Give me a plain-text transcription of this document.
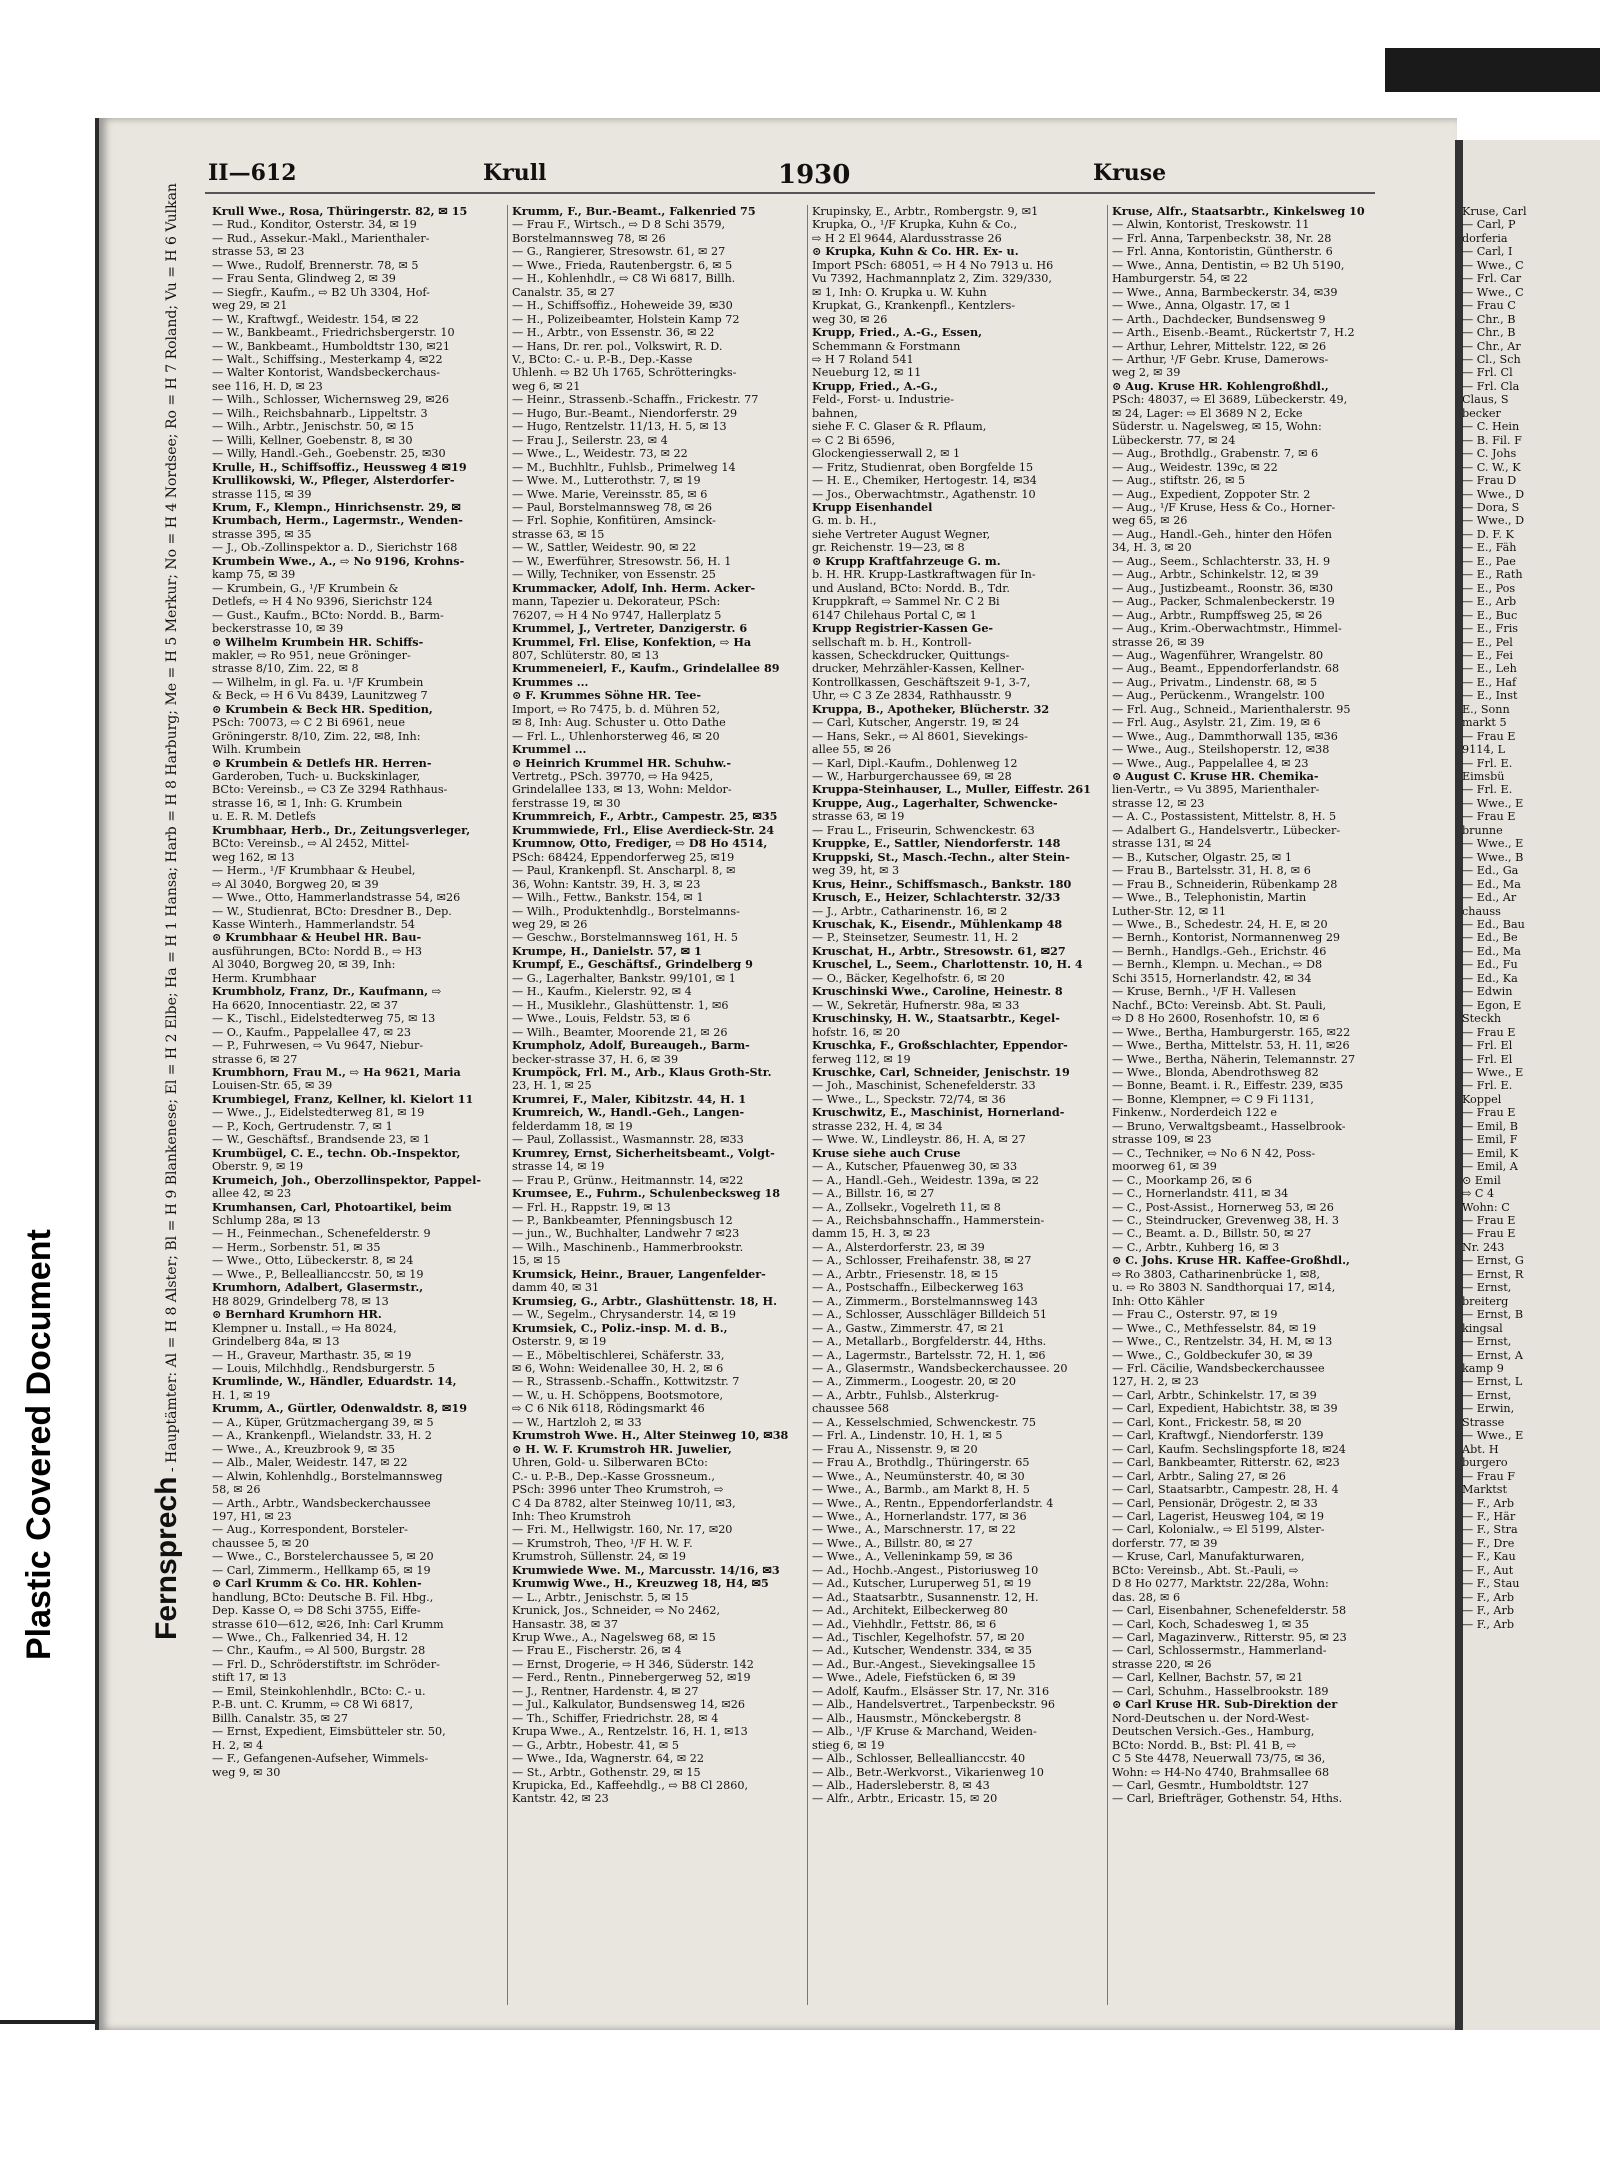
Plastic Covered Document
II—612	Krull	1930	Kruse
Fernsprech - Hauptämter: Al = H 8 Alster; Bl = H 9 Blankenese; El = H 2 Elbe; Ha = H 1 Hansa; Harb = H 8 Harburg; Me = H 5 Merkur; No = H 4 Nordsee; Ro = H 7 Roland; Vu = H 6 Vulkan	Krull Wwe., Rosa, Thüringerstr. 82, ✉ 15
— Rud., Konditor, Osterstr. 34, ✉ 19
— Rud., Assekur.-Makl., Marienthaler-
strasse 53, ✉ 23
— Wwe., Rudolf, Brennerstr. 78, ✉ 5
— Frau Senta, Glindweg 2, ✉ 39
— Siegfr., Kaufm., ⇨ B2 Uh 3304, Hof-
weg 29, ✉ 21
— W., Kraftwgf., Weidestr. 154, ✉ 22
— W., Bankbeamt., Friedrichsbergerstr. 10
— W., Bankbeamt., Humboldtstr 130, ✉21
— Walt., Schiffsing., Mesterkamp 4, ✉22
— Walter Kontorist, Wandsbeckerchaus-
see 116, H. D, ✉ 23
— Wilh., Schlosser, Wichernsweg 29, ✉26
— Wilh., Reichsbahnarb., Lippeltstr. 3
— Wilh., Arbtr., Jenischstr. 50, ✉ 15
— Willi, Kellner, Goebenstr. 8, ✉ 30
— Willy, Handl.-Geh., Goebenstr. 25, ✉30
Krulle, H., Schiffsoffiz., Heussweg 4 ✉19
Krullikowski, W., Pfleger, Alsterdorfer-
strasse 115, ✉ 39
Krum, F., Klempn., Hinrichsenstr. 29, ✉
Krumbach, Herm., Lagermstr., Wenden-
strasse 395, ✉ 35
— J., Ob.-Zollinspektor a. D., Sierichstr 168
Krumbein Wwe., A., ⇨ No 9196, Krohns-
kamp 75, ✉ 39
— Krumbein, G., ¹/F Krumbein &
Detlefs, ⇨ H 4 No 9396, Sierichstr 124
— Gust., Kaufm., BCto: Nordd. B., Barm-
beckerstrasse 10, ✉ 39
⊙ Wilhelm Krumbein HR. Schiffs-
makler, ⇨ Ro 951, neue Gröninger-
strasse 8/10, Zim. 22, ✉ 8
— Wilhelm, in gl. Fa. u. ¹/F Krumbein
& Beck, ⇨ H 6 Vu 8439, Launitzweg 7
⊙ Krumbein & Beck HR. Spedition,
PSch: 70073, ⇨ C 2 Bi 6961, neue
Gröningerstr. 8/10, Zim. 22, ✉8, Inh:
Wilh. Krumbein
⊙ Krumbein & Detlefs HR. Herren-
Garderoben, Tuch- u. Buckskinlager,
BCto: Vereinsb., ⇨ C3 Ze 3294 Rathhaus-
strasse 16, ✉ 1, Inh: G. Krumbein
u. E. R. M. Detlefs
Krumbhaar, Herb., Dr., Zeitungsverleger,
BCto: Vereinsb., ⇨ Al 2452, Mittel-
weg 162, ✉ 13
— Herm., ¹/F Krumbhaar & Heubel,
⇨ Al 3040, Borgweg 20, ✉ 39
— Wwe., Otto, Hammerlandstrasse 54, ✉26
— W., Studienrat, BCto: Dresdner B., Dep.
Kasse Winterh., Hammerlandstr. 54
⊙ Krumbhaar & Heubel HR. Bau-
ausführungen, BCto: Nordd B., ⇨ H3
Al 3040, Borgweg 20, ✉ 39, Inh:
Herm. Krumbhaar
Krumbholz, Franz, Dr., Kaufmann, ⇨
Ha 6620, Innocentiastr. 22, ✉ 37
— K., Tischl., Eidelstedterweg 75, ✉ 13
— O., Kaufm., Pappelallee 47, ✉ 23
— P., Fuhrwesen, ⇨ Vu 9647, Niebur-
strasse 6, ✉ 27
Krumbhorn, Frau M., ⇨ Ha 9621, Maria
Louisen-Str. 65, ✉ 39
Krumbiegel, Franz, Kellner, kl. Kielort 11
— Wwe., J., Eidelstedterweg 81, ✉ 19
— P., Koch, Gertrudenstr. 7, ✉ 1
— W., Geschäftsf., Brandsende 23, ✉ 1
Krumbügel, C. E., techn. Ob.-Inspektor,
Oberstr. 9, ✉ 19
Krumeich, Joh., Oberzollinspektor, Pappel-
allee 42, ✉ 23
Krumhansen, Carl, Photoartikel, beim
Schlump 28a, ✉ 13
— H., Feinmechan., Schenefelderstr. 9
— Herm., Sorbenstr. 51, ✉ 35
— Wwe., Otto, Lübeckerstr. 8, ✉ 24
— Wwe., P., Belleallianccstr. 50, ✉ 19
Krumhorn, Adalbert, Glasermstr.,
H8 8029, Grindelberg 78, ✉ 13
⊙ Bernhard Krumhorn HR.
Klempner u. Install., ⇨ Ha 8024,
Grindelberg 84a, ✉ 13
— H., Graveur, Marthastr. 35, ✉ 19
— Louis, Milchhdlg., Rendsburgerstr. 5
Krumlinde, W., Händler, Eduardstr. 14,
H. 1, ✉ 19
Krumm, A., Gürtler, Odenwaldstr. 8, ✉19
— A., Küper, Grützmachergang 39, ✉ 5
— A., Krankenpfl., Wielandstr. 33, H. 2
— Wwe., A., Kreuzbrook 9, ✉ 35
— Alb., Maler, Weidestr. 147, ✉ 22
— Alwin, Kohlenhdlg., Borstelmannsweg
58, ✉ 26
— Arth., Arbtr., Wandsbeckerchaussee
197, H1, ✉ 23
— Aug., Korrespondent, Borsteler-
chaussee 5, ✉ 20
— Wwe., C., Borstelerchaussee 5, ✉ 20
— Carl, Zimmerm., Hellkamp 65, ✉ 19
⊙ Carl Krumm & Co. HR. Kohlen-
handlung, BCto: Deutsche B. Fil. Hbg.,
Dep. Kasse O, ⇨ D8 Schi 3755, Eiffe-
strasse 610—612, ✉26, Inh: Carl Krumm
— Wwe., Ch., Falkenried 34, H. 12
— Chr., Kaufm., ⇨ Al 500, Burgstr. 28
— Frl. D., Schröderstiftstr. im Schröder-
stift 17, ✉ 13
— Emil, Steinkohlenhdlr., BCto: C.- u.
P.-B. unt. C. Krumm, ⇨ C8 Wi 6817,
Billh. Canalstr. 35, ✉ 27
— Ernst, Expedient, Eimsbütteler str. 50,
H. 2, ✉ 4
— F., Gefangenen-Aufseher, Wimmels-
weg 9, ✉ 30
Krumm, F., Bur.-Beamt., Falkenried 75
— Frau F., Wirtsch., ⇨ D 8 Schi 3579,
Borstelmannsweg 78, ✉ 26
— G., Rangierer, Stresowstr. 61, ✉ 27
— Wwe., Frieda, Rautenbergstr. 6, ✉ 5
— H., Kohlenhdlr., ⇨ C8 Wi 6817, Billh.
Canalstr. 35, ✉ 27
— H., Schiffsoffiz., Hoheweide 39, ✉30
— H., Polizeibeamter, Holstein Kamp 72
— H., Arbtr., von Essenstr. 36, ✉ 22
— Hans, Dr. rer. pol., Volkswirt, R. D.
V., BCto: C.- u. P.-B., Dep.-Kasse
Uhlenh. ⇨ B2 Uh 1765, Schrötteringks-
weg 6, ✉ 21
— Heinr., Strassenb.-Schaffn., Frickestr. 77
— Hugo, Bur.-Beamt., Niendorferstr. 29
— Hugo, Rentzelstr. 11/13, H. 5, ✉ 13
— Frau J., Seilerstr. 23, ✉ 4
— Wwe., L., Weidestr. 73, ✉ 22
— M., Buchhltr., Fuhlsb., Primelweg 14
— Wwe. M., Lutterothstr. 7, ✉ 19
— Wwe. Marie, Vereinsstr. 85, ✉ 6
— Paul, Borstelmannsweg 78, ✉ 26
— Frl. Sophie, Konfitüren, Amsinck-
strasse 63, ✉ 15
— W., Sattler, Weidestr. 90, ✉ 22
— W., Ewerführer, Stresowstr. 56, H. 1
— Willy, Techniker, von Essenstr. 25
Krummacker, Adolf, Inh. Herm. Acker-
mann, Tapezier u. Dekorateur, PSch:
76207, ⇨ H 4 No 9747, Hallerplatz 5
Krummel, J., Vertreter, Danzigerstr. 6
Krummel, Frl. Elise, Konfektion, ⇨ Ha
807, Schlüterstr. 80, ✉ 13
Krummeneierl, F., Kaufm., Grindelallee 89
Krummes ...
⊙ F. Krummes Söhne HR. Tee-
Import, ⇨ Ro 7475, b. d. Mühren 52,
✉ 8, Inh: Aug. Schuster u. Otto Dathe
— Frl. L., Uhlenhorsterweg 46, ✉ 20
Krummel ...
⊙ Heinrich Krummel HR. Schuhw.-
Vertretg., PSch. 39770, ⇨ Ha 9425,
Grindelallee 133, ✉ 13, Wohn: Meldor-
ferstrasse 19, ✉ 30
Krummreich, F., Arbtr., Campestr. 25, ✉35
Krummwiede, Frl., Elise Averdieck-Str. 24
Krumnow, Otto, Frediger, ⇨ D8 Ho 4514,
PSch: 68424, Eppendorferweg 25, ✉19
— Paul, Krankenpfl. St. Anscharpl. 8, ✉
36, Wohn: Kantstr. 39, H. 3, ✉ 23
— Wilh., Fettw., Bankstr. 154, ✉ 1
— Wilh., Produktenhdlg., Borstelmanns-
weg 29, ✉ 26
— Geschw., Borstelmannsweg 161, H. 5
Krumpe, H., Danielstr. 57, ✉ 1
Krumpf, E., Geschäftsf., Grindelberg 9
— G., Lagerhalter, Bankstr. 99/101, ✉ 1
— H., Kaufm., Kielerstr. 92, ✉ 4
— H., Musiklehr., Glashüttenstr. 1, ✉6
— Wwe., Louis, Feldstr. 53, ✉ 6
— Wilh., Beamter, Moorende 21, ✉ 26
Krumpholz, Adolf, Bureaugeh., Barm-
becker-strasse 37, H. 6, ✉ 39
Krumpöck, Frl. M., Arb., Klaus Groth-Str.
23, H. 1, ✉ 25
Krumrei, F., Maler, Kibitzstr. 44, H. 1
Krumreich, W., Handl.-Geh., Langen-
felderdamm 18, ✉ 19
— Paul, Zollassist., Wasmannstr. 28, ✉33
Krumrey, Ernst, Sicherheitsbeamt., Volgt-
strasse 14, ✉ 19
— Frau P., Grünw., Heitmannstr. 14, ✉22
Krumsee, E., Fuhrm., Schulenbecksweg 18
— Frl. H., Rappstr. 19, ✉ 13
— P., Bankbeamter, Pfenningsbusch 12
— jun., W., Buchhalter, Landwehr 7 ✉23
— Wilh., Maschinenb., Hammerbrookstr.
15, ✉ 15
Krumsick, Heinr., Brauer, Langenfelder-
damm 40, ✉ 31
Krumsieg, G., Arbtr., Glashüttenstr. 18, H.
— W., Segelm., Chrysanderstr. 14, ✉ 19
Krumsiek, C., Poliz.-insp. M. d. B.,
Osterstr. 9, ✉ 19
— E., Möbeltischlerei, Schäferstr. 33,
✉ 6, Wohn: Weidenallee 30, H. 2, ✉ 6
— R., Strassenb.-Schaffn., Kottwitzstr. 7
— W., u. H. Schöppens, Bootsmotore,
⇨ C 6 Nik 6118, Rödingsmarkt 46
— W., Hartzloh 2, ✉ 33
Krumstroh Wwe. H., Alter Steinweg 10, ✉38
⊙ H. W. F. Krumstroh HR. Juwelier,
Uhren, Gold- u. Silberwaren BCto:
C.- u. P.-B., Dep.-Kasse Grossneum.,
PSch: 3996 unter Theo Krumstroh, ⇨
C 4 Da 8782, alter Steinweg 10/11, ✉3,
Inh: Theo Krumstroh
— Fri. M., Hellwigstr. 160, Nr. 17, ✉20
— Krumstroh, Theo, ¹/F H. W. F.
Krumstroh, Süllenstr. 24, ✉ 19
Krumwiede Wwe. M., Marcusstr. 14/16, ✉3
Krumwig Wwe., H., Kreuzweg 18, H4, ✉5
— L., Arbtr., Jenischstr. 5, ✉ 15
Krunick, Jos., Schneider, ⇨ No 2462,
Hansastr. 38, ✉ 37
Krup Wwe., A., Nagelsweg 68, ✉ 15
— Frau E., Fischerstr. 26, ✉ 4
— Ernst, Drogerie, ⇨ H 346, Süderstr. 142
— Ferd., Rentn., Pinnebergerweg 52, ✉19
— J., Rentner, Hardenstr. 4, ✉ 27
— Jul., Kalkulator, Bundsensweg 14, ✉26
— Th., Schiffer, Friedrichstr. 28, ✉ 4
Krupa Wwe., A., Rentzelstr. 16, H. 1, ✉13
— G., Arbtr., Hobestr. 41, ✉ 5
— Wwe., Ida, Wagnerstr. 64, ✉ 22
— St., Arbtr., Gothenstr. 29, ✉ 15
Krupicka, Ed., Kaffeehdlg., ⇨ B8 Cl 2860,
Kantstr. 42, ✉ 23
Krupinsky, E., Arbtr., Rombergstr. 9, ✉1
Krupka, O., ¹/F Krupka, Kuhn & Co.,
⇨ H 2 El 9644, Alardusstrasse 26
⊙ Krupka, Kuhn & Co. HR. Ex- u.
Import PSch: 68051, ⇨ H 4 No 7913 u. H6
Vu 7392, Hachmannplatz 2, Zim. 329/330,
✉ 1, Inh: O. Krupka u. W. Kuhn
Krupkat, G., Krankenpfl., Kentzlers-
weg 30, ✉ 26
Krupp, Fried., A.-G., Essen,
Schemmann & Forstmann
⇨ H 7 Roland 541
Neueburg 12, ✉ 11
Krupp, Fried., A.-G.,
Feld-, Forst- u. Industrie-
bahnen,
siehe F. C. Glaser & R. Pflaum,
⇨ C 2 Bi 6596,
Glockengiesserwall 2, ✉ 1
— Fritz, Studienrat, oben Borgfelde 15
— H. E., Chemiker, Hertogestr. 14, ✉34
— Jos., Oberwachtmstr., Agathenstr. 10
Krupp Eisenhandel
G. m. b. H.,
siehe Vertreter August Wegner,
gr. Reichenstr. 19—23, ✉ 8
⊙ Krupp Kraftfahrzeuge G. m.
b. H. HR. Krupp-Lastkraftwagen für In-
und Ausland, BCto: Nordd. B., Tdr.
Kruppkraft, ⇨ Sammel Nr. C 2 Bi
6147 Chilehaus Portal C, ✉ 1
Krupp Registrier-Kassen Ge-
sellschaft m. b. H., Kontroll-
kassen, Scheckdrucker, Quittungs-
drucker, Mehrzähler-Kassen, Kellner-
Kontrollkassen, Geschäftszeit 9-1, 3-7,
Uhr, ⇨ C 3 Ze 2834, Rathhausstr. 9
Kruppa, B., Apotheker, Blücherstr. 32
— Carl, Kutscher, Angerstr. 19, ✉ 24
— Hans, Sekr., ⇨ Al 8601, Sievekings-
allee 55, ✉ 26
— Karl, Dipl.-Kaufm., Dohlenweg 12
— W., Harburgerchaussee 69, ✉ 28
Kruppa-Steinhauser, L., Muller, Eiffestr. 261
Kruppe, Aug., Lagerhalter, Schwencke-
strasse 63, ✉ 19
— Frau L., Friseurin, Schwenckestr. 63
Kruppke, E., Sattler, Niendorferstr. 148
Kruppski, St., Masch.-Techn., alter Stein-
weg 39, ht, ✉ 3
Krus, Heinr., Schiffsmasch., Bankstr. 180
Krusch, E., Heizer, Schlachterstr. 32/33
— J., Arbtr., Catharinenstr. 16, ✉ 2
Kruschak, K., Eisendr., Mühlenkamp 48
— P., Steinsetzer, Seumestr. 11, H. 2
Kruschat, H., Arbtr., Stresowstr. 61, ✉27
Kruschel, L., Seem., Charlottenstr. 10, H. 4
— O., Bäcker, Kegelhofstr. 6, ✉ 20
Kruschinski Wwe., Caroline, Heinestr. 8
— W., Sekretär, Hufnerstr. 98a, ✉ 33
Kruschinsky, H. W., Staatsarbtr., Kegel-
hofstr. 16, ✉ 20
Kruschka, F., Großschlachter, Eppendor-
ferweg 112, ✉ 19
Kruschke, Carl, Schneider, Jenischstr. 19
— Joh., Maschinist, Schenefelderstr. 33
— Wwe., L., Speckstr. 72/74, ✉ 36
Kruschwitz, E., Maschinist, Hornerland-
strasse 232, H. 4, ✉ 34
— Wwe. W., Lindleystr. 86, H. A, ✉ 27
Kruse siehe auch Cruse
— A., Kutscher, Pfauenweg 30, ✉ 33
— A., Handl.-Geh., Weidestr. 139a, ✉ 22
— A., Billstr. 16, ✉ 27
— A., Zollsekr., Vogelreth 11, ✉ 8
— A., Reichsbahnschaffn., Hammerstein-
damm 15, H. 3, ✉ 23
— A., Alsterdorferstr. 23, ✉ 39
— A., Schlosser, Freihafenstr. 38, ✉ 27
— A., Arbtr., Friesenstr. 18, ✉ 15
— A., Postschaffn., Eilbeckerweg 163
— A., Zimmerm., Borstelmannsweg 143
— A., Schlosser, Ausschläger Billdeich 51
— A., Gastw., Zimmerstr. 47, ✉ 21
— A., Metallarb., Borgfelderstr. 44, Hths.
— A., Lagermstr., Bartelsstr. 72, H. 1, ✉6
— A., Glasermstr., Wandsbeckerchaussee. 20
— A., Zimmerm., Loogestr. 20, ✉ 20
— A., Arbtr., Fuhlsb., Alsterkrug-
chaussee 568
— A., Kesselschmied, Schwenckestr. 75
— Frl. A., Lindenstr. 10, H. 1, ✉ 5
— Frau A., Nissenstr. 9, ✉ 20
— Frau A., Brothdlg., Thüringerstr. 65
— Wwe., A., Neumünsterstr. 40, ✉ 30
— Wwe., A., Barmb., am Markt 8, H. 5
— Wwe., A., Rentn., Eppendorferlandstr. 4
— Wwe., A., Hornerlandstr. 177, ✉ 36
— Wwe., A., Marschnerstr. 17, ✉ 22
— Wwe., A., Billstr. 80, ✉ 27
— Wwe., A., Velleninkamp 59, ✉ 36
— Ad., Hochb.-Angest., Pistoriusweg 10
— Ad., Kutscher, Luruperweg 51, ✉ 19
— Ad., Staatsarbtr., Susannenstr. 12, H.
— Ad., Architekt, Eilbeckerweg 80
— Ad., Viehhdlr., Fettstr. 86, ✉ 6
— Ad., Tischler, Kegelhofstr. 57, ✉ 20
— Ad., Kutscher, Wendenstr. 334, ✉ 35
— Ad., Bur.-Angest., Sievekingsallee 15
— Wwe., Adele, Fiefstücken 6, ✉ 39
— Adolf, Kaufm., Elsässer Str. 17, Nr. 316
— Alb., Handelsvertret., Tarpenbeckstr. 96
— Alb., Hausmstr., Mönckebergstr. 8
— Alb., ¹/F Kruse & Marchand, Weiden-
stieg 6, ✉ 19
— Alb., Schlosser, Belleallianccstr. 40
— Alb., Betr.-Werkvorst., Vikarienweg 10
— Alb., Hadersleberstr. 8, ✉ 43
— Alfr., Arbtr., Ericastr. 15, ✉ 20
Kruse, Alfr., Staatsarbtr., Kinkelsweg 10
— Alwin, Kontorist, Treskowstr. 11
— Frl. Anna, Tarpenbeckstr. 38, Nr. 28
— Frl. Anna, Kontoristin, Güntherstr. 6
— Wwe., Anna, Dentistin, ⇨ B2 Uh 5190,
Hamburgerstr. 54, ✉ 22
— Wwe., Anna, Barmbeckerstr. 34, ✉39
— Wwe., Anna, Olgastr. 17, ✉ 1
— Arth., Dachdecker, Bundsensweg 9
— Arth., Eisenb.-Beamt., Rückertstr 7, H.2
— Arthur, Lehrer, Mittelstr. 122, ✉ 26
— Arthur, ¹/F Gebr. Kruse, Damerows-
weg 2, ✉ 39
⊙ Aug. Kruse HR. Kohlengroßhdl.,
PSch: 48037, ⇨ El 3689, Lübeckerstr. 49,
✉ 24, Lager: ⇨ El 3689 N 2, Ecke
Süderstr. u. Nagelsweg, ✉ 15, Wohn:
Lübeckerstr. 77, ✉ 24
— Aug., Brothdlg., Grabenstr. 7, ✉ 6
— Aug., Weidestr. 139c, ✉ 22
— Aug., stiftstr. 26, ✉ 5
— Aug., Expedient, Zoppoter Str. 2
— Aug., ¹/F Kruse, Hess & Co., Horner-
weg 65, ✉ 26
— Aug., Handl.-Geh., hinter den Höfen
34, H. 3, ✉ 20
— Aug., Seem., Schlachterstr. 33, H. 9
— Aug., Arbtr., Schinkelstr. 12, ✉ 39
— Aug., Justizbeamt., Roonstr. 36, ✉30
— Aug., Packer, Schmalenbeckerstr. 19
— Aug., Arbtr., Rumpffsweg 25, ✉ 26
— Aug., Krim.-Oberwachtmstr., Himmel-
strasse 26, ✉ 39
— Aug., Wagenführer, Wrangelstr. 80
— Aug., Beamt., Eppendorferlandstr. 68
— Aug., Privatm., Lindenstr. 68, ✉ 5
— Aug., Perückenm., Wrangelstr. 100
— Frl. Aug., Schneid., Marienthalerstr. 95
— Frl. Aug., Asylstr. 21, Zim. 19, ✉ 6
— Wwe., Aug., Dammthorwall 135, ✉36
— Wwe., Aug., Steilshoperstr. 12, ✉38
— Wwe., Aug., Pappelallee 4, ✉ 23
⊙ August C. Kruse HR. Chemika-
lien-Vertr., ⇨ Vu 3895, Marienthaler-
strasse 12, ✉ 23
— A. C., Postassistent, Mittelstr. 8, H. 5
— Adalbert G., Handelsvertr., Lübecker-
strasse 131, ✉ 24
— B., Kutscher, Olgastr. 25, ✉ 1
— Frau B., Bartelsstr. 31, H. 8, ✉ 6
— Frau B., Schneiderin, Rübenkamp 28
— Wwe., B., Telephonistin, Martin
Luther-Str. 12, ✉ 11
— Wwe., B., Schedestr. 24, H. E, ✉ 20
— Bernh., Kontorist, Normannenweg 29
— Bernh., Handlgs.-Geh., Erichstr. 46
— Bernh., Klempn. u. Mechan., ⇨ D8
Schi 3515, Hornerlandstr. 42, ✉ 34
— Kruse, Bernh., ¹/F H. Vallesen
Nachf., BCto: Vereinsb. Abt. St. Pauli,
⇨ D 8 Ho 2600, Rosenhofstr. 10, ✉ 6
— Wwe., Bertha, Hamburgerstr. 165, ✉22
— Wwe., Bertha, Mittelstr. 53, H. 11, ✉26
— Wwe., Bertha, Näherin, Telemannstr. 27
— Wwe., Blonda, Abendrothsweg 82
— Bonne, Beamt. i. R., Eiffestr. 239, ✉35
— Bonne, Klempner, ⇨ C 9 Fi 1131,
Finkenw., Norderdeich 122 e
— Bruno, Verwaltgsbeamt., Hasselbrook-
strasse 109, ✉ 23
— C., Techniker, ⇨ No 6 N 42, Poss-
moorweg 61, ✉ 39
— C., Moorkamp 26, ✉ 6
— C., Hornerlandstr. 411, ✉ 34
— C., Post-Assist., Hornerweg 53, ✉ 26
— C., Steindrucker, Grevenweg 38, H. 3
— C., Beamt. a. D., Billstr. 50, ✉ 27
— C., Arbtr., Kuhberg 16, ✉ 3
⊙ C. Johs. Kruse HR. Kaffee-Großhdl.,
⇨ Ro 3803, Catharinenbrücke 1, ✉8,
u. ⇨ Ro 3803 N. Sandthorquai 17, ✉14,
Inh: Otto Kähler
— Frau C., Osterstr. 97, ✉ 19
— Wwe., C., Methfesselstr. 84, ✉ 19
— Wwe., C., Rentzelstr. 34, H. M, ✉ 13
— Wwe., C., Goldbeckufer 30, ✉ 39
— Frl. Cäcilie, Wandsbeckerchaussee
127, H. 2, ✉ 23
— Carl, Arbtr., Schinkelstr. 17, ✉ 39
— Carl, Expedient, Habichtstr. 38, ✉ 39
— Carl, Kont., Frickestr. 58, ✉ 20
— Carl, Kraftwgf., Niendorferstr. 139
— Carl, Kaufm. Sechslingspforte 18, ✉24
— Carl, Bankbeamter, Ritterstr. 62, ✉23
— Carl, Arbtr., Saling 27, ✉ 26
— Carl, Staatsarbtr., Campestr. 28, H. 4
— Carl, Pensionär, Drögestr. 2, ✉ 33
— Carl, Lagerist, Heusweg 104, ✉ 19
— Carl, Kolonialw., ⇨ El 5199, Alster-
dorferstr. 77, ✉ 39
— Kruse, Carl, Manufakturwaren,
BCto: Vereinsb., Abt. St.-Pauli, ⇨
D 8 Ho 0277, Marktstr. 22/28a, Wohn:
das. 28, ✉ 6
— Carl, Eisenbahner, Schenefelderstr. 58
— Carl, Koch, Schadesweg 1, ✉ 35
— Carl, Magazinverw., Ritterstr. 95, ✉ 23
— Carl, Schlossermstr., Hammerland-
strasse 220, ✉ 26
— Carl, Kellner, Bachstr. 57, ✉ 21
— Carl, Schuhm., Hasselbrookstr. 189
⊙ Carl Kruse HR. Sub-Direktion der
Nord-Deutschen u. der Nord-West-
Deutschen Versich.-Ges., Hamburg,
BCto: Nordd. B., Bst: Pl. 41 B, ⇨
C 5 Ste 4478, Neuerwall 73/75, ✉ 36,
Wohn: ⇨ H4-No 4740, Brahmsallee 68
— Carl, Gesmtr., Humboldtstr. 127
— Carl, Briefträger, Gothenstr. 54, Hths.
Kruse, Carl
— Carl, P
dorferia
— Carl, I
— Wwe., C
— Frl. Car
— Wwe., C
— Frau C
— Chr., B
— Chr., B
— Chr., Ar
— Cl., Sch
— Frl. Cl
— Frl. Cla
Claus, S
becker
— C. Hein
— B. Fil. F
— C. Johs
— C. W., K
— Frau D
— Wwe., D
— Dora, S
— Wwe., D
— D. F. K
— E., Fäh
— E., Pae
— E., Rath
— E., Pos
— E., Arb
— E., Buc
— E., Fris
— E., Pel
— E., Fei
— E., Leh
— E., Haf
— E., Inst
E., Sonn
markt 5
— Frau E
9114, L
— Frl. E.
Eimsbü
— Frl. E.
— Wwe., E
— Frau E
brunne
— Wwe., E
— Wwe., B
— Ed., Ga
— Ed., Ma
— Ed., Ar
chauss
— Ed., Bau
— Ed., Be
— Ed., Ma
— Ed., Fu
— Ed., Ka
— Edwin
— Egon, E
Steckh
— Frau E
— Frl. El
— Frl. El
— Wwe., E
— Frl. E.
Koppel
— Frau E
— Emil, B
— Emil, F
— Emil, K
— Emil, A
⊙ Emil
⇨ C 4
Wohn: C
— Frau E
— Frau E
Nr. 243
— Ernst, G
— Ernst, R
— Ernst,
breiterg
— Ernst, B
kingsal
— Ernst,
— Ernst, A
kamp 9
— Ernst, L
— Ernst,
— Erwin,
Strasse
— Wwe., E
Abt. H
burgero
— Frau F
Marktst
— F., Arb
— F., Här
— F., Stra
— F., Dre
— F., Kau
— F., Aut
— F., Stau
— F., Arb
— F., Arb
— F., Arb
